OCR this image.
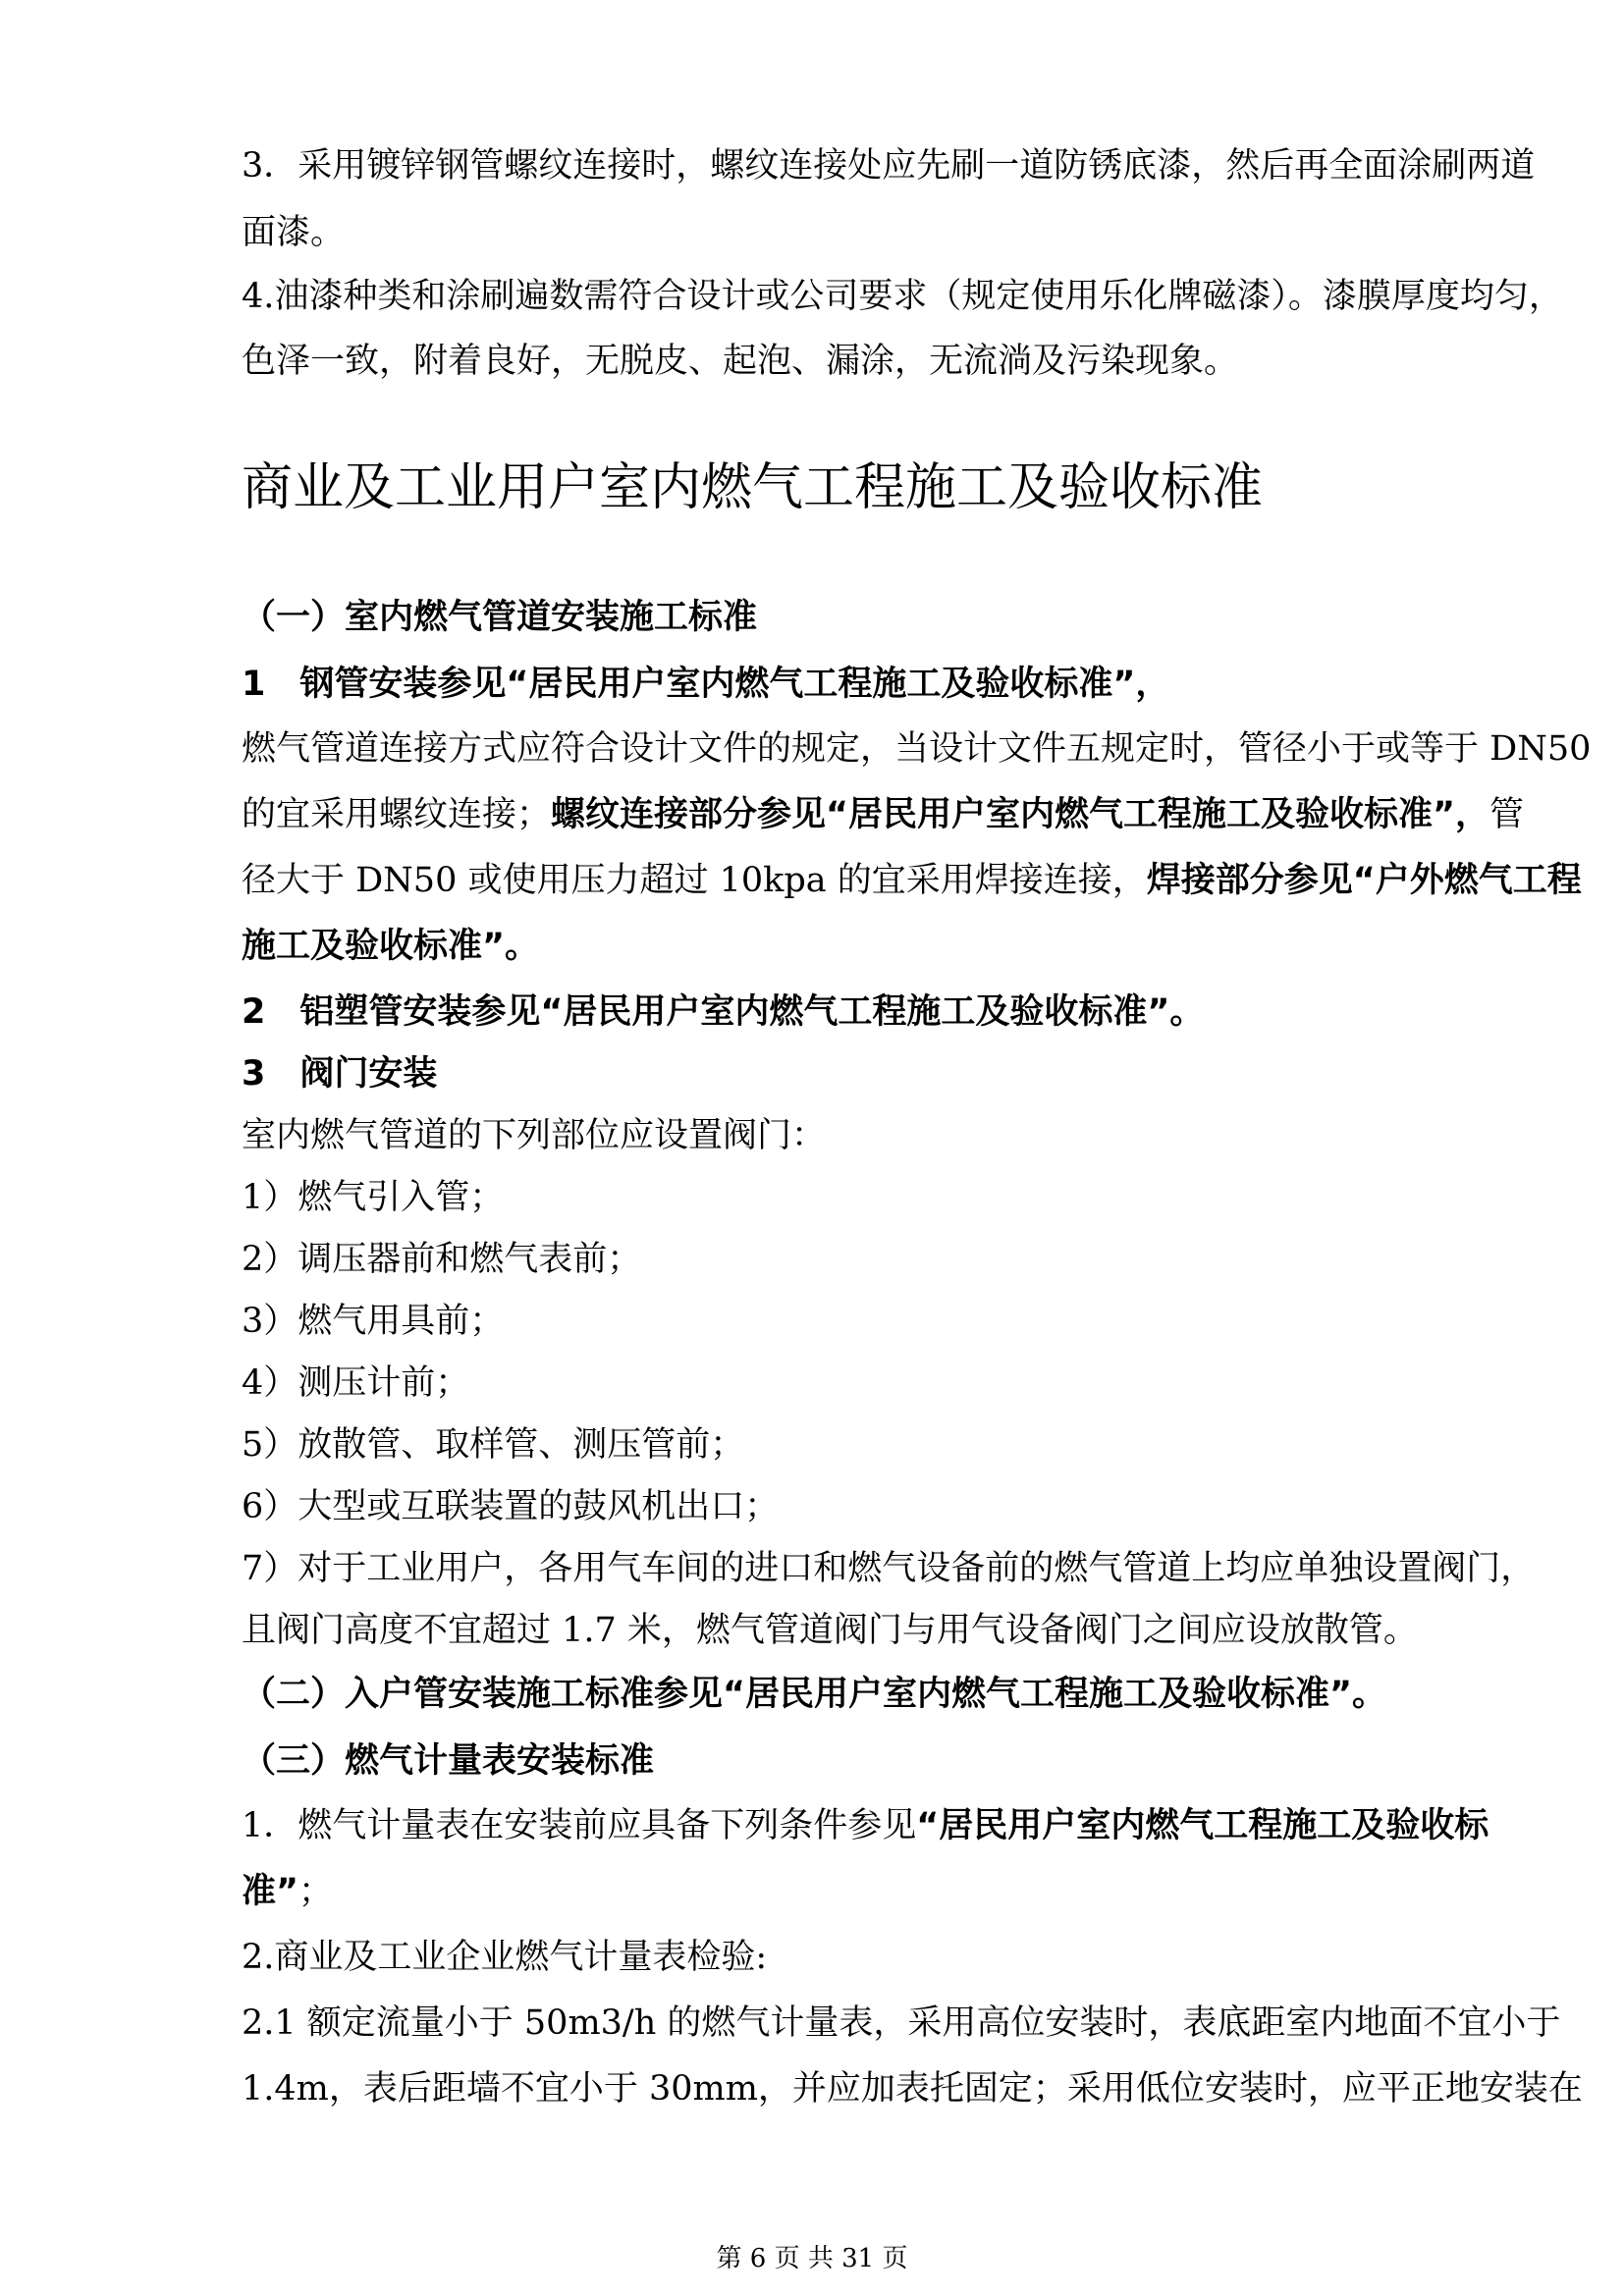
3．采用镀锌钢管螺纹连接时，螺纹连接处应先刷一道防锈底漆，然后再全面涂刷两道
面漆。
4.油漆种类和涂刷遍数需符合设计或公司要求（规定使用乐化牌磁漆）。漆膜厚度均匀，
色泽一致，附着良好，无脱皮、起泡、漏涂，无流淌及污染现象。
商业及工业用户室内燃气工程施工及验收标准
（一）室内燃气管道安装施工标准
1　钢管安装参见“居民用户室内燃气工程施工及验收标准”，
燃气管道连接方式应符合设计文件的规定，当设计文件五规定时，管径小于或等于 DN50
的宜采用螺纹连接；螺纹连接部分参见“居民用户室内燃气工程施工及验收标准”，管
径大于 DN50 或使用压力超过 10kpa 的宜采用焊接连接，焊接部分参见“户外燃气工程
施工及验收标准”。
2　铝塑管安装参见“居民用户室内燃气工程施工及验收标准”。
3　阀门安装
室内燃气管道的下列部位应设置阀门：
1）燃气引入管；
2）调压器前和燃气表前；
3）燃气用具前；
4）测压计前；
5）放散管、取样管、测压管前；
6）大型或互联装置的鼓风机出口；
7）对于工业用户，各用气车间的进口和燃气设备前的燃气管道上均应单独设置阀门，
且阀门高度不宜超过 1.7 米，燃气管道阀门与用气设备阀门之间应设放散管。
（二）入户管安装施工标准参见“居民用户室内燃气工程施工及验收标准”。
（三）燃气计量表安装标准
1．燃气计量表在安装前应具备下列条件参见“居民用户室内燃气工程施工及验收标
准”；
2.商业及工业企业燃气计量表检验:
2.1 额定流量小于 50m3/h 的燃气计量表，采用高位安装时，表底距室内地面不宜小于
1.4m，表后距墙不宜小于 30mm，并应加表托固定；采用低位安装时，应平正地安装在
第 6 页 共 31 页
